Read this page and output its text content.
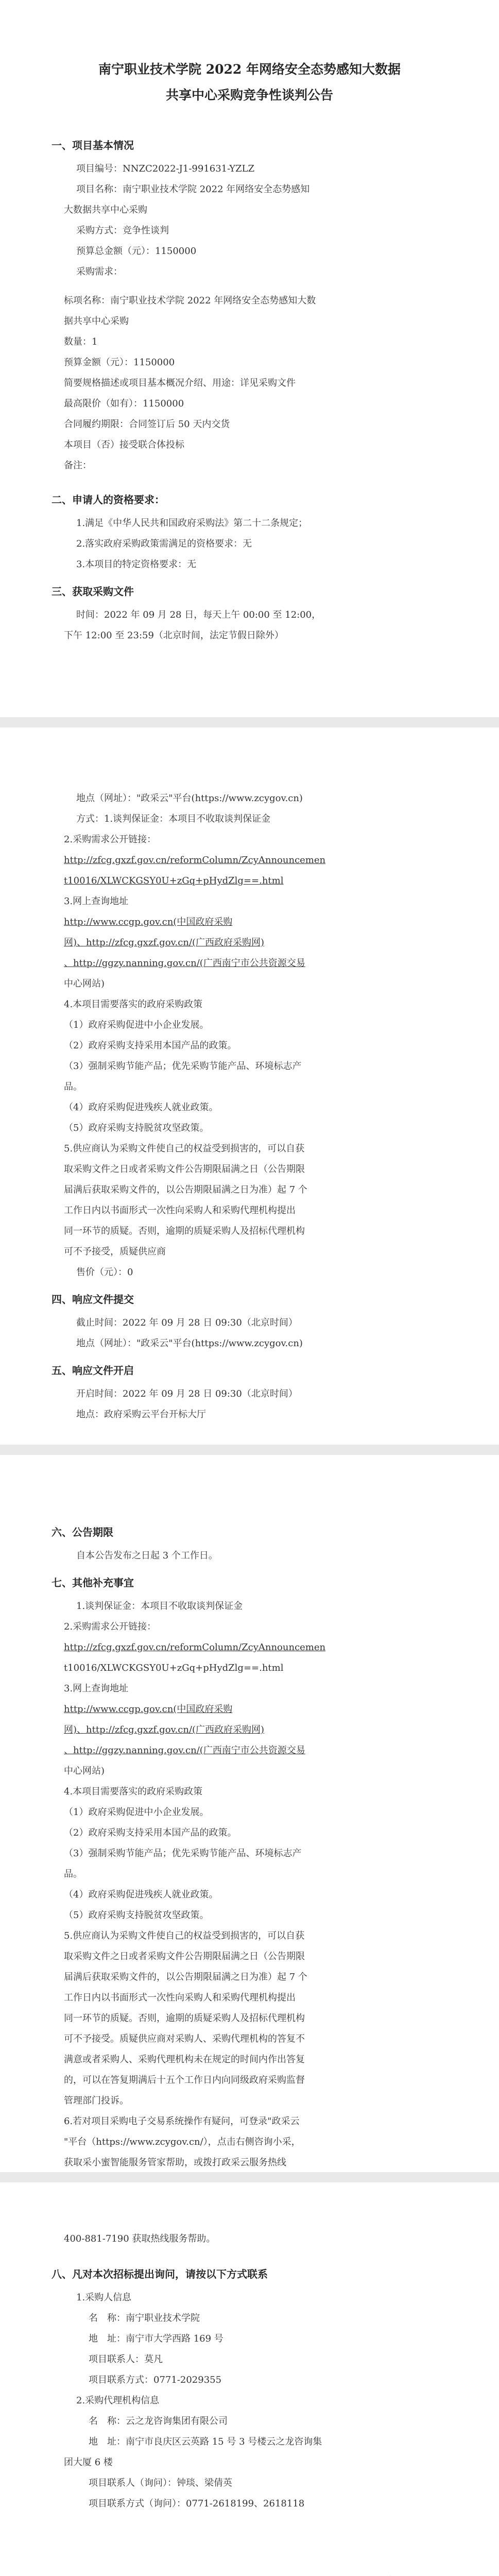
南宁职业技术学院 2022 年网络安全态势感知大数据
共享中心采购竞争性谈判公告
一、项目基本情况

项目编号：NNZC2022-J1-991631-YZLZ

项目名称：南宁职业技术学院 2022 年网络安全态势感知

大数据共享中心采购

采购方式：竞争性谈判

预算总金额（元）：1150000

采购需求：

标项名称：南宁职业技术学院 2022 年网络安全态势感知大数

据共享中心采购

数量：1

预算金额（元）：1150000

简要规格描述或项目基本概况介绍、用途：详见采购文件

最高限价（如有）：1150000

合同履约期限：合同签订后 50 天内交货

本项目（否）接受联合体投标

备注：

二、申请人的资格要求：

1.满足《中华人民共和国政府采购法》第二十二条规定；

2.落实政府采购政策需满足的资格要求：无

3.本项目的特定资格要求：无

三、获取采购文件

时间：2022 年 09 月 28 日，每天上午 00:00 至 12:00，

下午 12:00 至 23:59（北京时间，法定节假日除外）

地点（网址）："政采云"平台(https://www.zcygov.cn)

方式：1.谈判保证金：本项目不收取谈判保证金

2.采购需求公开链接：

http://zfcg.gxzf.gov.cn/reformColumn/ZcyAnnouncemen

t10016/XLWCKGSY0U+zGq+pHydZlg==.html

3.网上查询地址

http://www.ccgp.gov.cn(中国政府采购

网)、http://zfcg.gxzf.gov.cn/(广西政府采购网)

、http://ggzy.nanning.gov.cn/(广西南宁市公共资源交易

中心网站)

4.本项目需要落实的政府采购政策

（1）政府采购促进中小企业发展。

（2）政府采购支持采用本国产品的政策。

（3）强制采购节能产品；优先采购节能产品、环境标志产

品。

（4）政府采购促进残疾人就业政策。

（5）政府采购支持脱贫攻坚政策。

5.供应商认为采购文件使自己的权益受到损害的，可以自获

取采购文件之日或者采购文件公告期限届满之日（公告期限

届满后获取采购文件的，以公告期限届满之日为准）起 7 个

工作日内以书面形式一次性向采购人和采购代理机构提出

同一环节的质疑。否则，逾期的质疑采购人及招标代理机构

可不予接受，质疑供应商

售价（元）：0

四、响应文件提交

截止时间：2022 年 09 月 28 日 09:30（北京时间）

地点（网址）："政采云"平台(https://www.zcygov.cn)

五、响应文件开启

开启时间：2022 年 09 月 28 日 09:30（北京时间）

地点：政府采购云平台开标大厅

六、公告期限

自本公告发布之日起 3 个工作日。

七、其他补充事宜

1.谈判保证金：本项目不收取谈判保证金

2.采购需求公开链接：

http://zfcg.gxzf.gov.cn/reformColumn/ZcyAnnouncemen

t10016/XLWCKGSY0U+zGq+pHydZlg==.html

3.网上查询地址

http://www.ccgp.gov.cn(中国政府采购

网)、http://zfcg.gxzf.gov.cn/(广西政府采购网)

、http://ggzy.nanning.gov.cn/(广西南宁市公共资源交易

中心网站)

4.本项目需要落实的政府采购政策

（1）政府采购促进中小企业发展。

（2）政府采购支持采用本国产品的政策。

（3）强制采购节能产品；优先采购节能产品、环境标志产

品。

（4）政府采购促进残疾人就业政策。

（5）政府采购支持脱贫攻坚政策。

5.供应商认为采购文件使自己的权益受到损害的，可以自获

取采购文件之日或者采购文件公告期限届满之日（公告期限

届满后获取采购文件的，以公告期限届满之日为准）起 7 个

工作日内以书面形式一次性向采购人和采购代理机构提出

同一环节的质疑。否则，逾期的质疑采购人及招标代理机构

可不予接受。质疑供应商对采购人、采购代理机构的答复不

满意或者采购人、采购代理机构未在规定的时间内作出答复

的，可以在答复期满后十五个工作日内向同级政府采购监督

管理部门投诉。

6.若对项目采购电子交易系统操作有疑问，可登录"政采云

"平台（https://www.zcygov.cn/），点击右侧咨询小采，

获取采小蜜智能服务管家帮助，或拨打政采云服务热线

400-881-7190 获取热线服务帮助。

八、凡对本次招标提出询问，请按以下方式联系

1.采购人信息

名　称：南宁职业技术学院

地　址：南宁市大学西路 169 号

项目联系人：莫凡

项目联系方式：0771-2029355

2.采购代理机构信息

名　称：云之龙咨询集团有限公司

地　址：南宁市良庆区云英路 15 号 3 号楼云之龙咨询集

团大厦 6 楼

项目联系人（询问）：钟琰、梁倩英

项目联系方式（询问）：0771-2618199、2618118
